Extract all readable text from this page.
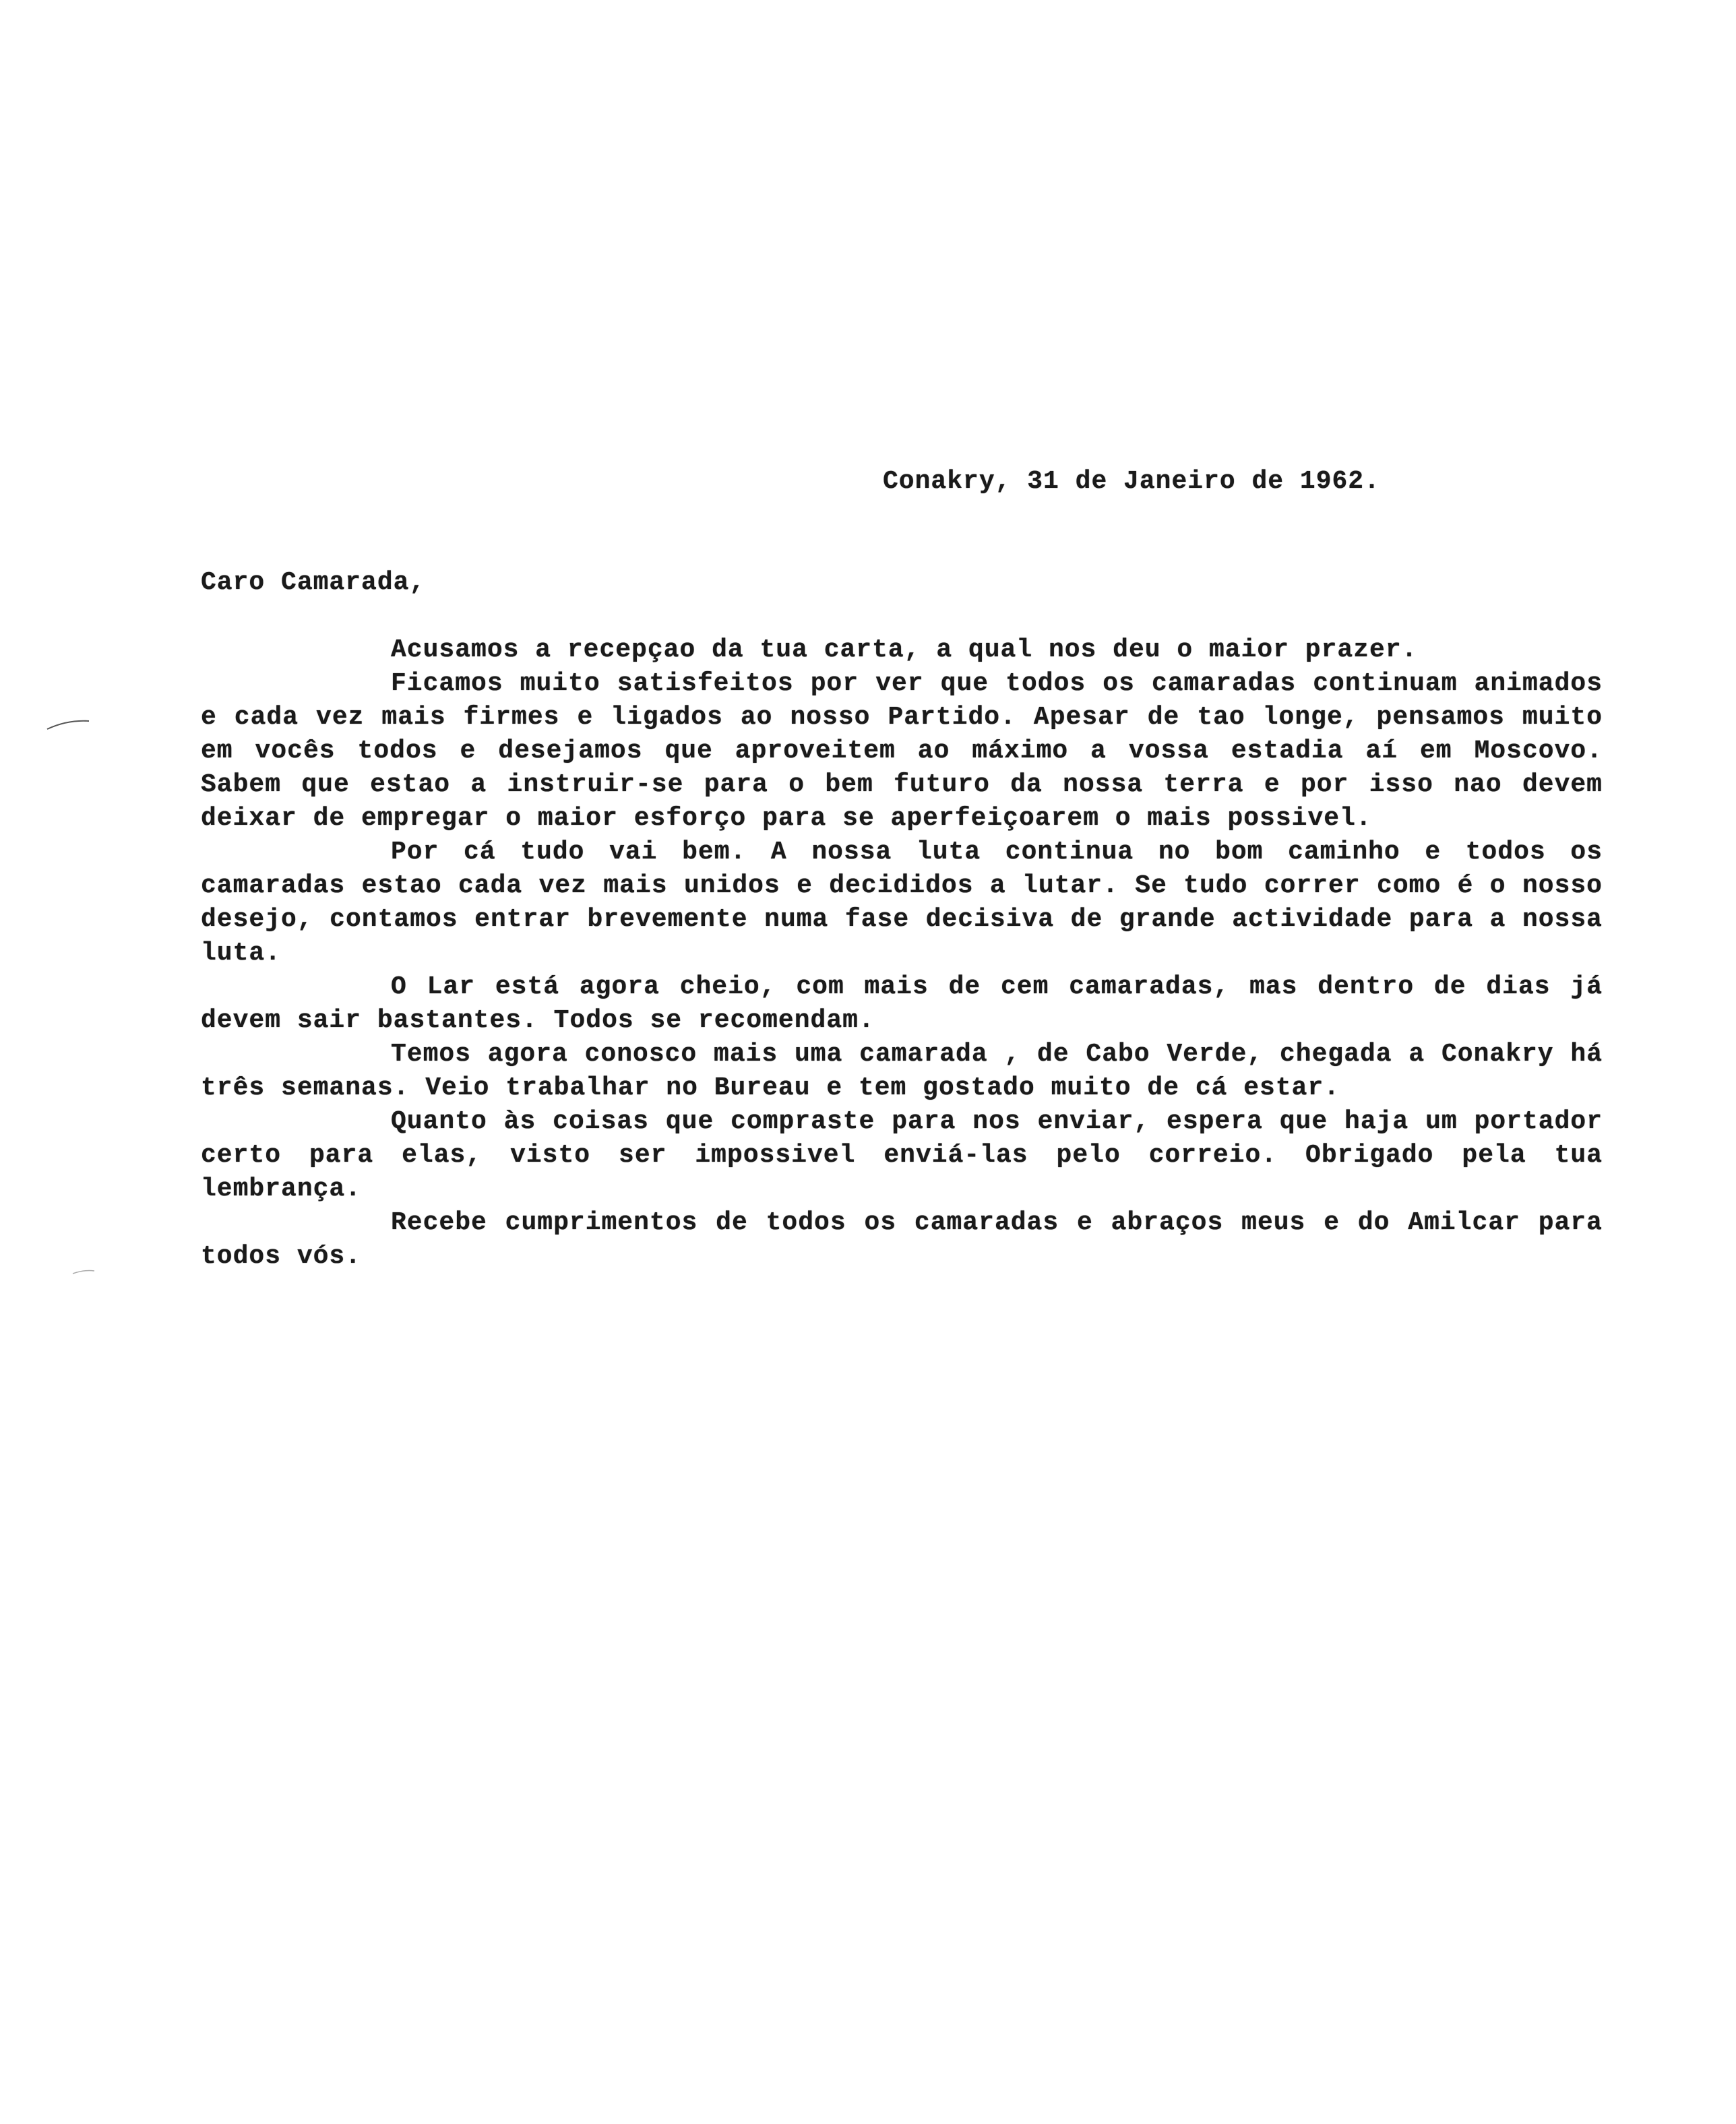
Conakry, 31 de Janeiro de 1962.
Caro Camarada,

Acusamos a recepçao da tua carta, a qual nos deu o maior prazer.

Ficamos muito satisfeitos por ver que todos os camaradas continuam animados e cada vez mais firmes e ligados ao nosso Partido. Apesar de tao longe, pensamos muito em vocês todos e desejamos que aproveitem ao máximo a vossa estadia aí em Moscovo. Sabem que estao a instruir-se para o bem futuro da nossa terra e por isso nao devem deixar de empregar o maior esforço para se aperfeiçoarem o mais possivel.

Por cá tudo vai bem. A nossa luta continua no bom caminho e todos os camaradas estao cada vez mais unidos e decididos a lutar. Se tudo correr como é o nosso desejo, contamos entrar brevemente numa fase decisiva de grande actividade para a nossa luta.

O Lar está agora cheio, com mais de cem camaradas, mas dentro de dias já devem sair bastantes. Todos se recomendam.

Temos agora conosco mais uma camarada , de Cabo Verde, chegada a Conakry há três semanas. Veio trabalhar no Bureau e tem gostado muito de cá estar.

Quanto às coisas que compraste para nos enviar, espera que haja um portador certo para elas, visto ser impossivel enviá-las pelo correio. Obrigado pela tua lembrança.

Recebe cumprimentos de todos os camaradas e abraços meus e do Amilcar para todos vós.
